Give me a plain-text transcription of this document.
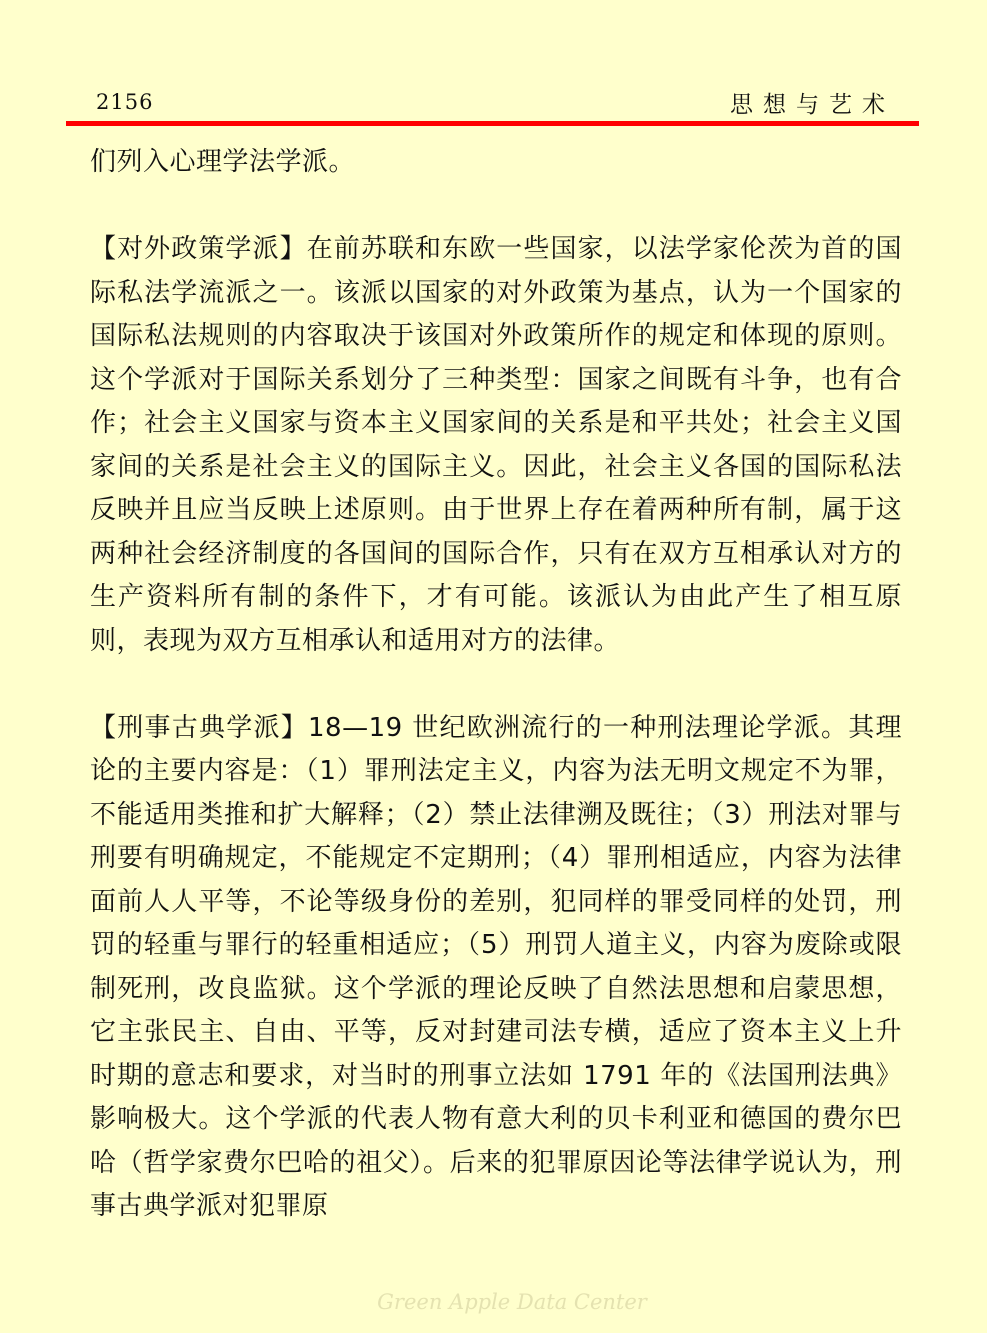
2156	思想与艺术

们列入心理学法学派。

【对外政策学派】在前苏联和东欧一些国家，以法学家伦茨为首的国际私法学流派之一。该派以国家的对外政策为基点，认为一个国家的国际私法规则的内容取决于该国对外政策所作的规定和体现的原则。这个学派对于国际关系划分了三种类型：国家之间既有斗争，也有合作；社会主义国家与资本主义国家间的关系是和平共处；社会主义国家间的关系是社会主义的国际主义。因此，社会主义各国的国际私法反映并且应当反映上述原则。由于世界上存在着两种所有制，属于这两种社会经济制度的各国间的国际合作，只有在双方互相承认对方的生产资料所有制的条件下，才有可能。该派认为由此产生了相互原则，表现为双方互相承认和适用对方的法律。

【刑事古典学派】18—19 世纪欧洲流行的一种刑法理论学派。其理论的主要内容是：（1）罪刑法定主义，内容为法无明文规定不为罪，不能适用类推和扩大解释；（2）禁止法律溯及既往；（3）刑法对罪与刑要有明确规定，不能规定不定期刑；（4）罪刑相适应，内容为法律面前人人平等，不论等级身份的差别，犯同样的罪受同样的处罚，刑罚的轻重与罪行的轻重相适应；（5）刑罚人道主义，内容为废除或限制死刑，改良监狱。这个学派的理论反映了自然法思想和启蒙思想，它主张民主、自由、平等，反对封建司法专横，适应了资本主义上升时期的意志和要求，对当时的刑事立法如 1791 年的《法国刑法典》影响极大。这个学派的代表人物有意大利的贝卡利亚和德国的费尔巴哈（哲学家费尔巴哈的祖父）。后来的犯罪原因论等法律学说认为，刑事古典学派对犯罪原

Green Apple Data Center
